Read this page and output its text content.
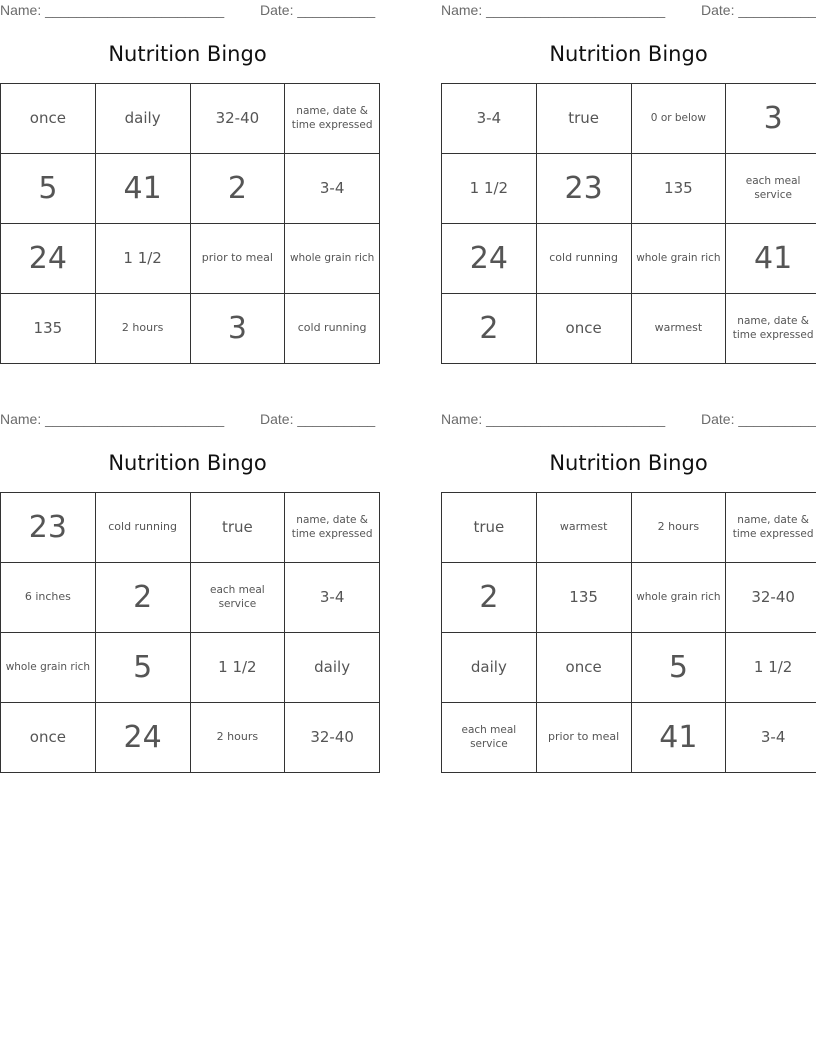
Name: _______________________	Date: __________
Nutrition Bingo
once	daily	32-40	name, date & time expressed
5	41	2	3-4
24	1 1/2	prior to meal	whole grain rich
135	2 hours	3	cold running
Name: _______________________	Date: __________
Nutrition Bingo
3-4	true	0 or below	3
1 1/2	23	135	each meal service
24	cold running	whole grain rich	41
2	once	warmest	name, date & time expressed
Name: _______________________	Date: __________
Nutrition Bingo
23	cold running	true	name, date & time expressed
6 inches	2	each meal service	3-4
whole grain rich	5	1 1/2	daily
once	24	2 hours	32-40
Name: _______________________	Date: __________
Nutrition Bingo
true	warmest	2 hours	name, date & time expressed
2	135	whole grain rich	32-40
daily	once	5	1 1/2
each meal service	prior to meal	41	3-4
